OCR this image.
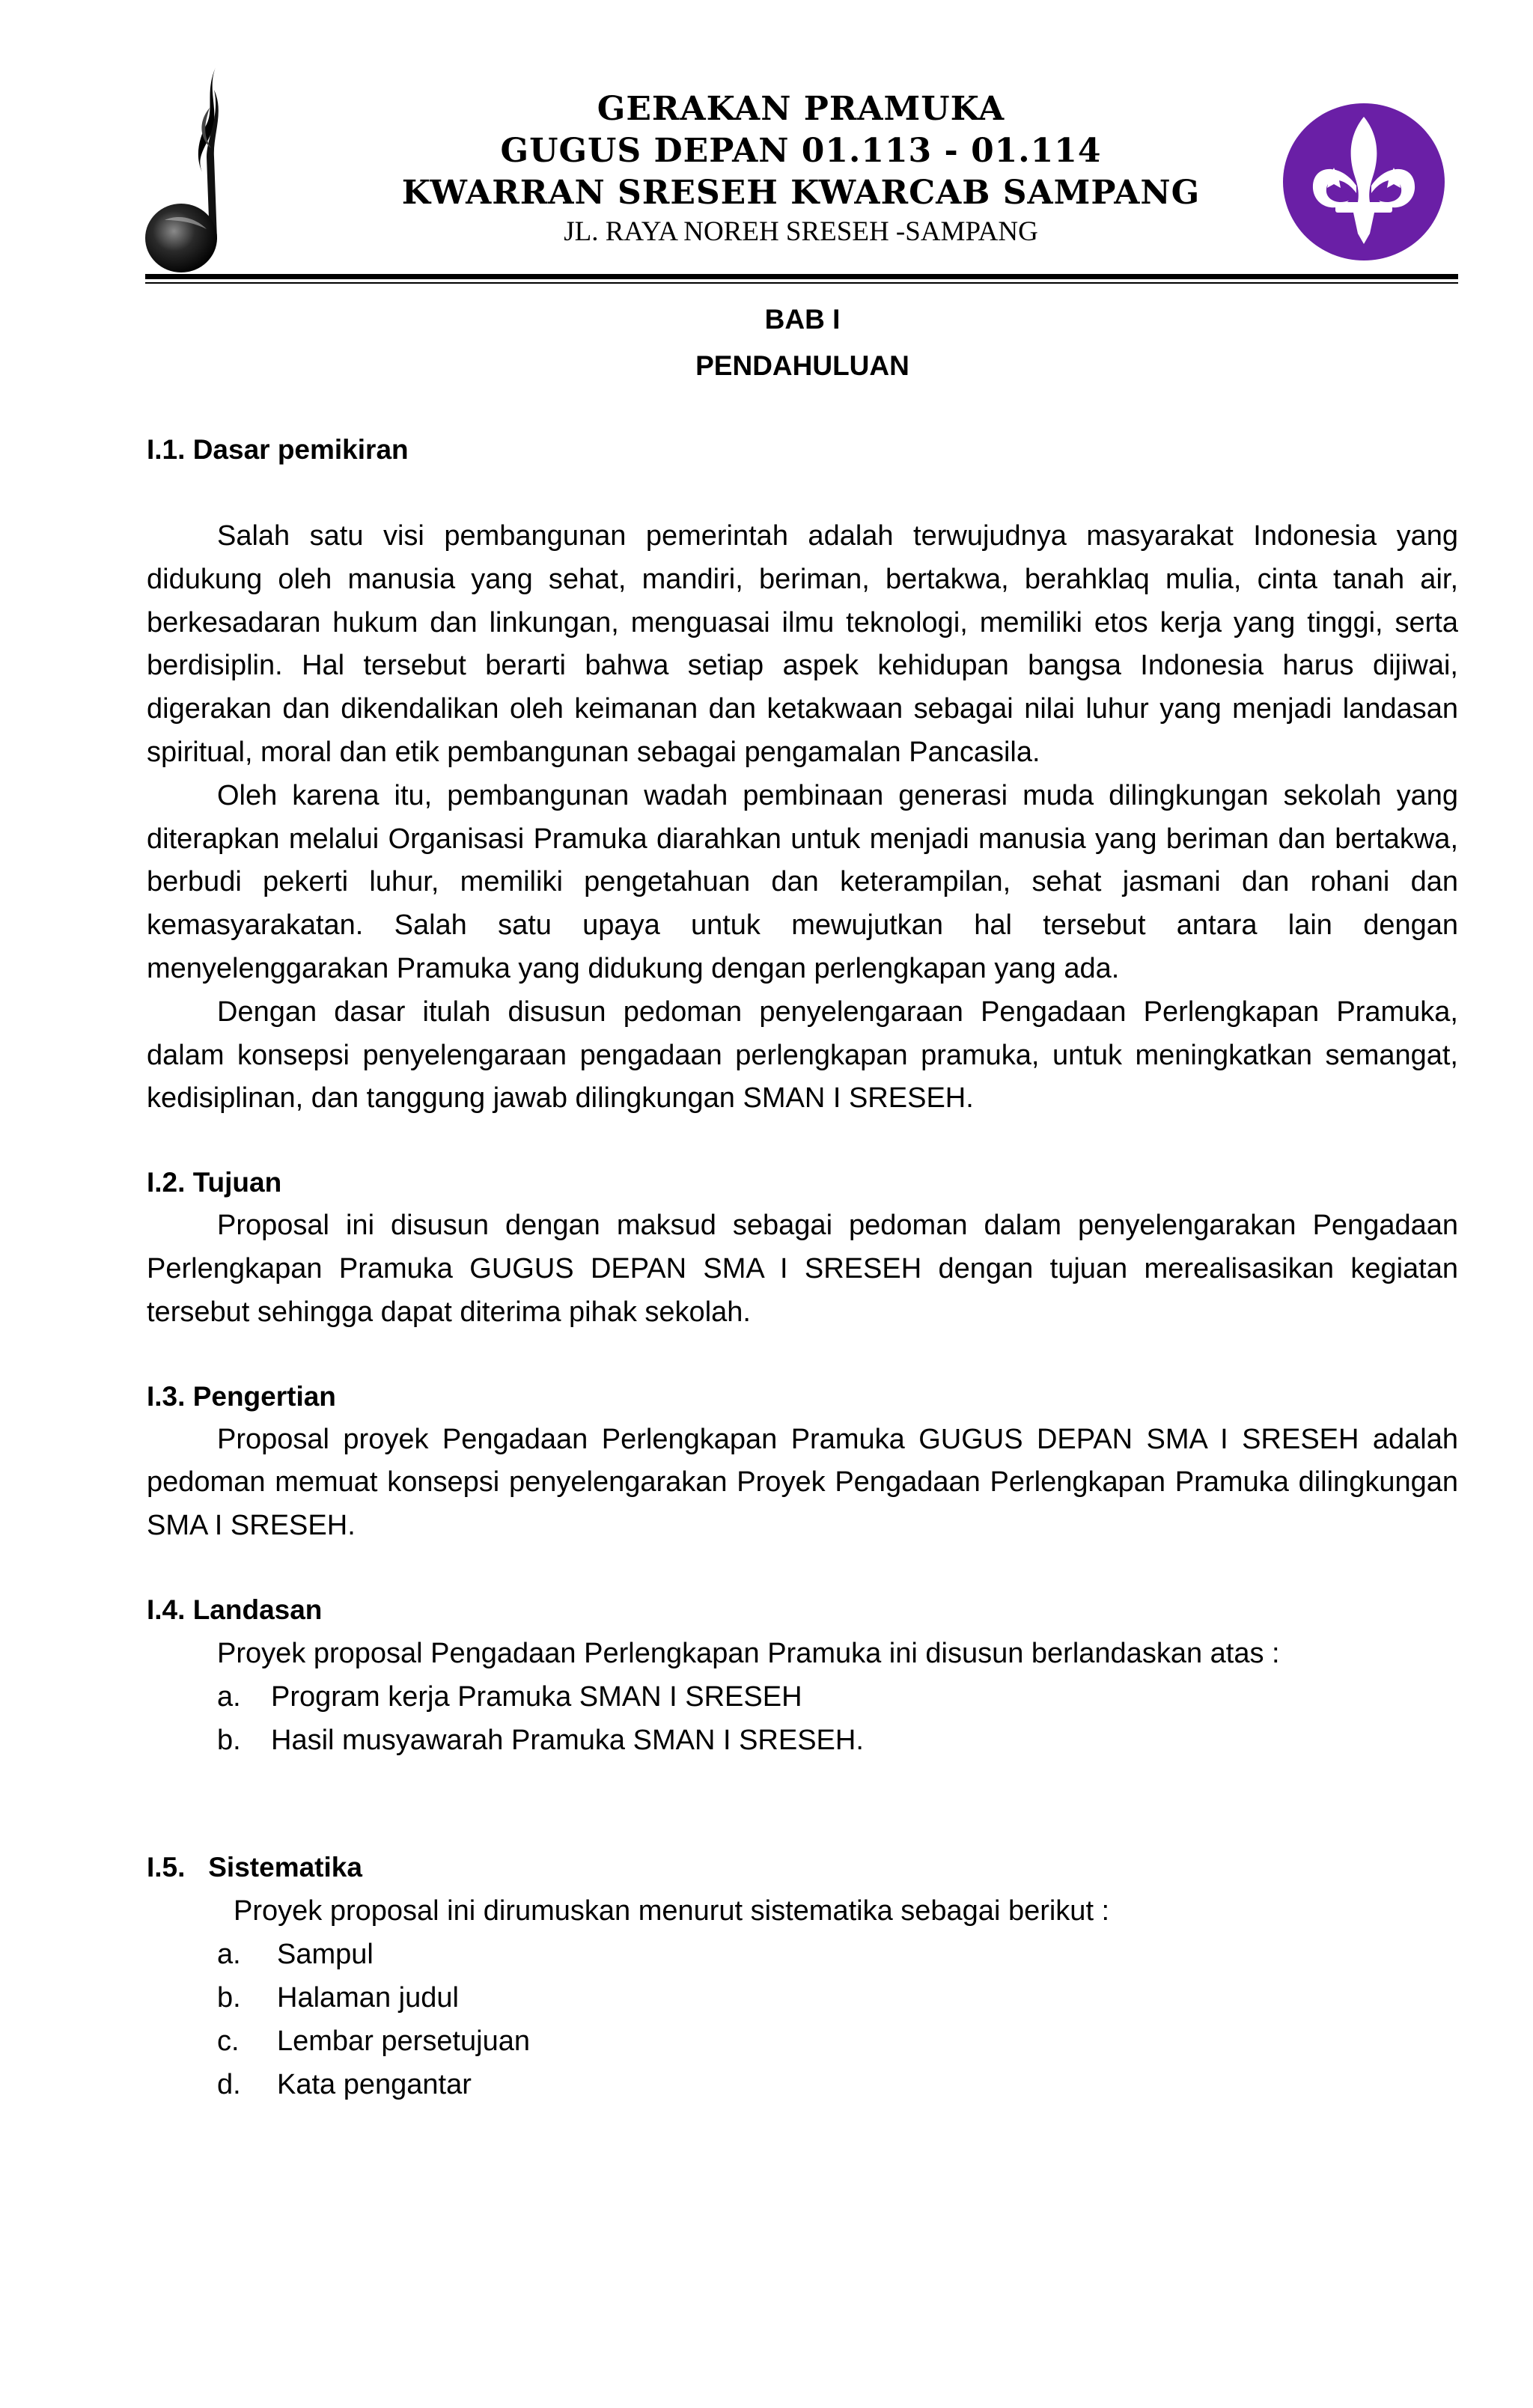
GERAKAN PRAMUKA
GUGUS DEPAN 01.113 - 01.114
KWARRAN SRESEH KWARCAB SAMPANG
JL. RAYA NOREH SRESEH -SAMPANG
BAB I
PENDAHULUAN
I.1. Dasar pemikiran

Salah satu visi pembangunan pemerintah adalah terwujudnya masyarakat Indonesia yang didukung oleh manusia yang sehat, mandiri, beriman, bertakwa, berahklaq mulia, cinta tanah air, berkesadaran hukum dan linkungan, menguasai ilmu teknologi, memiliki etos kerja yang tinggi, serta berdisiplin. Hal tersebut berarti bahwa setiap aspek kehidupan bangsa Indonesia harus dijiwai, digerakan dan dikendalikan oleh keimanan dan ketakwaan sebagai nilai luhur yang menjadi landasan spiritual, moral dan etik pembangunan sebagai pengamalan Pancasila.

Oleh karena itu, pembangunan wadah pembinaan generasi muda dilingkungan sekolah yang diterapkan melalui Organisasi Pramuka diarahkan untuk menjadi manusia yang beriman dan bertakwa, berbudi pekerti luhur, memiliki pengetahuan dan keterampilan, sehat jasmani dan rohani dan kemasyarakatan. Salah satu upaya untuk mewujutkan hal tersebut antara lain dengan menyelenggarakan Pramuka yang didukung dengan perlengkapan yang ada.

Dengan dasar itulah disusun pedoman penyelengaraan Pengadaan Perlengkapan Pramuka, dalam konsepsi penyelengaraan pengadaan perlengkapan pramuka, untuk meningkatkan semangat, kedisiplinan, dan tanggung jawab dilingkungan SMAN I SRESEH.

I.2. Tujuan

Proposal ini disusun dengan maksud sebagai pedoman dalam penyelengarakan Pengadaan Perlengkapan Pramuka GUGUS DEPAN SMA I SRESEH dengan tujuan merealisasikan kegiatan tersebut sehingga dapat diterima pihak sekolah.

I.3. Pengertian

Proposal proyek Pengadaan Perlengkapan Pramuka GUGUS DEPAN SMA I SRESEH adalah pedoman memuat konsepsi penyelengarakan Proyek Pengadaan Perlengkapan Pramuka dilingkungan SMA I SRESEH.

I.4. Landasan
Proyek proposal Pengadaan Perlengkapan Pramuka ini disusun berlandaskan atas :
a. Program kerja Pramuka SMAN I SRESEH
b. Hasil musyawarah Pramuka SMAN I SRESEH.
I.5.   Sistematika
Proyek proposal ini dirumuskan menurut sistematika sebagai berikut :
a. Sampul
b. Halaman judul
c. Lembar persetujuan
d. Kata pengantar
